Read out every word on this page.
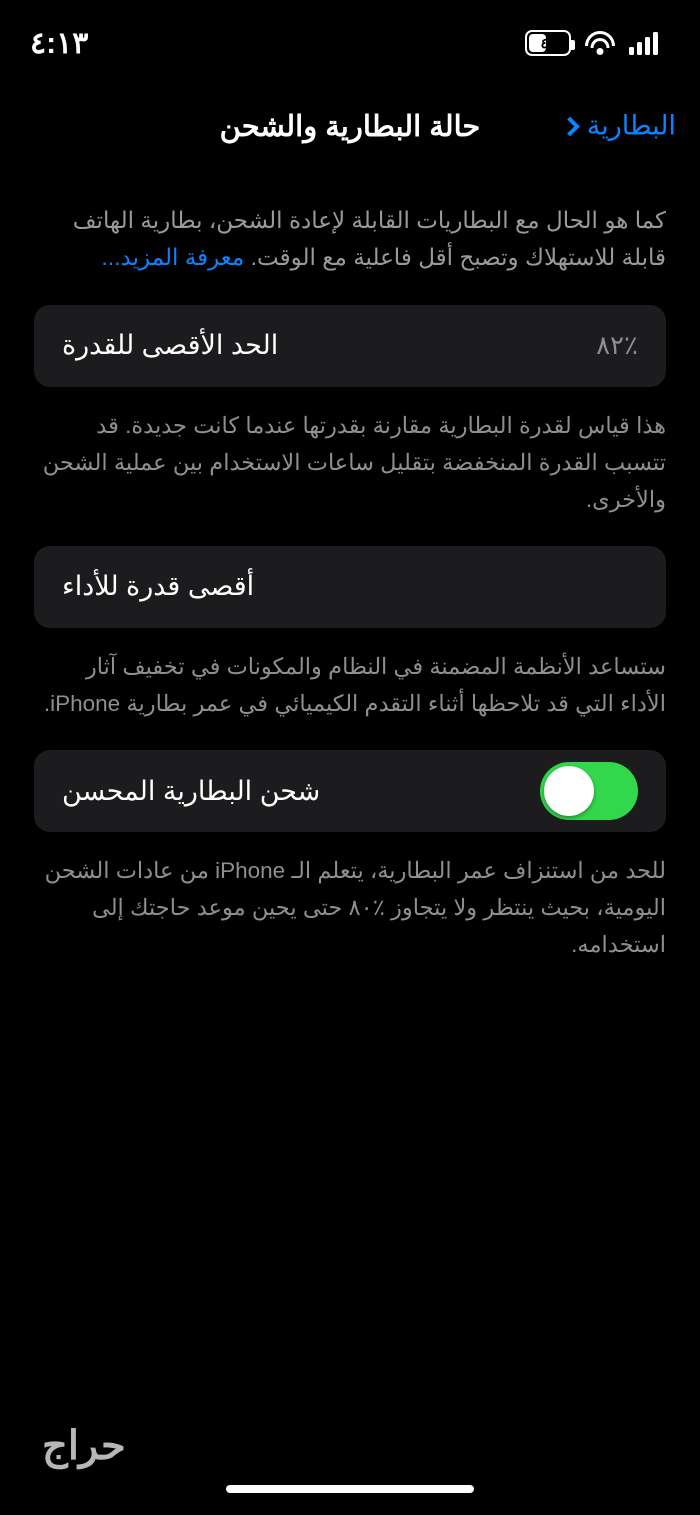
٤:١٣	٤٣
حالة البطارية والشحن	البطارية

كما هو الحال مع البطاريات القابلة لإعادة الشحن، بطارية الهاتف قابلة للاستهلاك وتصبح أقل فاعلية مع الوقت. معرفة المزيد...

الحد الأقصى للقدرة	٪٨٢

هذا قياس لقدرة البطارية مقارنة بقدرتها عندما كانت جديدة. قد تتسبب القدرة المنخفضة بتقليل ساعات الاستخدام بين عملية الشحن والأخرى.

أقصى قدرة للأداء

ستساعد الأنظمة المضمنة في النظام والمكونات في تخفيف آثار الأداء التي قد تلاحظها أثناء التقدم الكيميائي في عمر بطارية iPhone.

شحن البطارية المحسن

للحد من استنزاف عمر البطارية، يتعلم الـ iPhone من عادات الشحن اليومية، بحيث ينتظر ولا يتجاوز ٪٨٠ حتى يحين موعد حاجتك إلى استخدامه.

حراج
